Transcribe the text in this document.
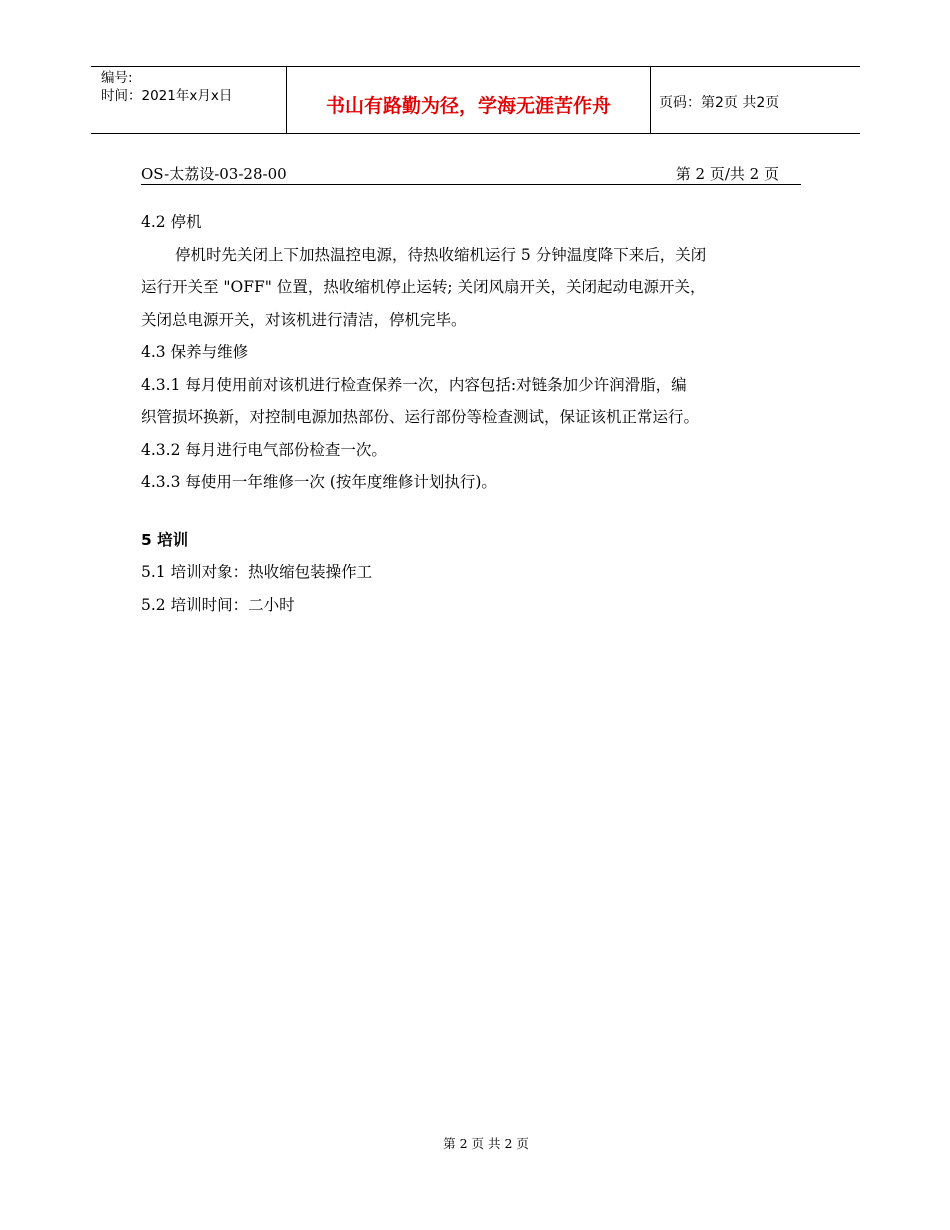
编号:
时间：2021年x月x日	书山有路勤为径，学海无涯苦作舟	页码：第2页 共2页
OS-太荔设-03-28-00	第 2 页/共 2 页
4.2 停机
停机时先关闭上下加热温控电源，待热收缩机运行 5 分钟温度降下来后，关闭
运行开关至 "OFF" 位置，热收缩机停止运转; 关闭风扇开关，关闭起动电源开关，
关闭总电源开关，对该机进行清洁，停机完毕。
4.3 保养与维修
4.3.1 每月使用前对该机进行检查保养一次，内容包括:对链条加少许润滑脂，编
织管损坏换新，对控制电源加热部份、运行部份等检查测试，保证该机正常运行。
4.3.2 每月进行电气部份检查一次。
4.3.3 每使用一年维修一次 (按年度维修计划执行)。
5 培训
5.1 培训对象：热收缩包装操作工
5.2 培训时间：二小时
第 2 页 共 2 页
